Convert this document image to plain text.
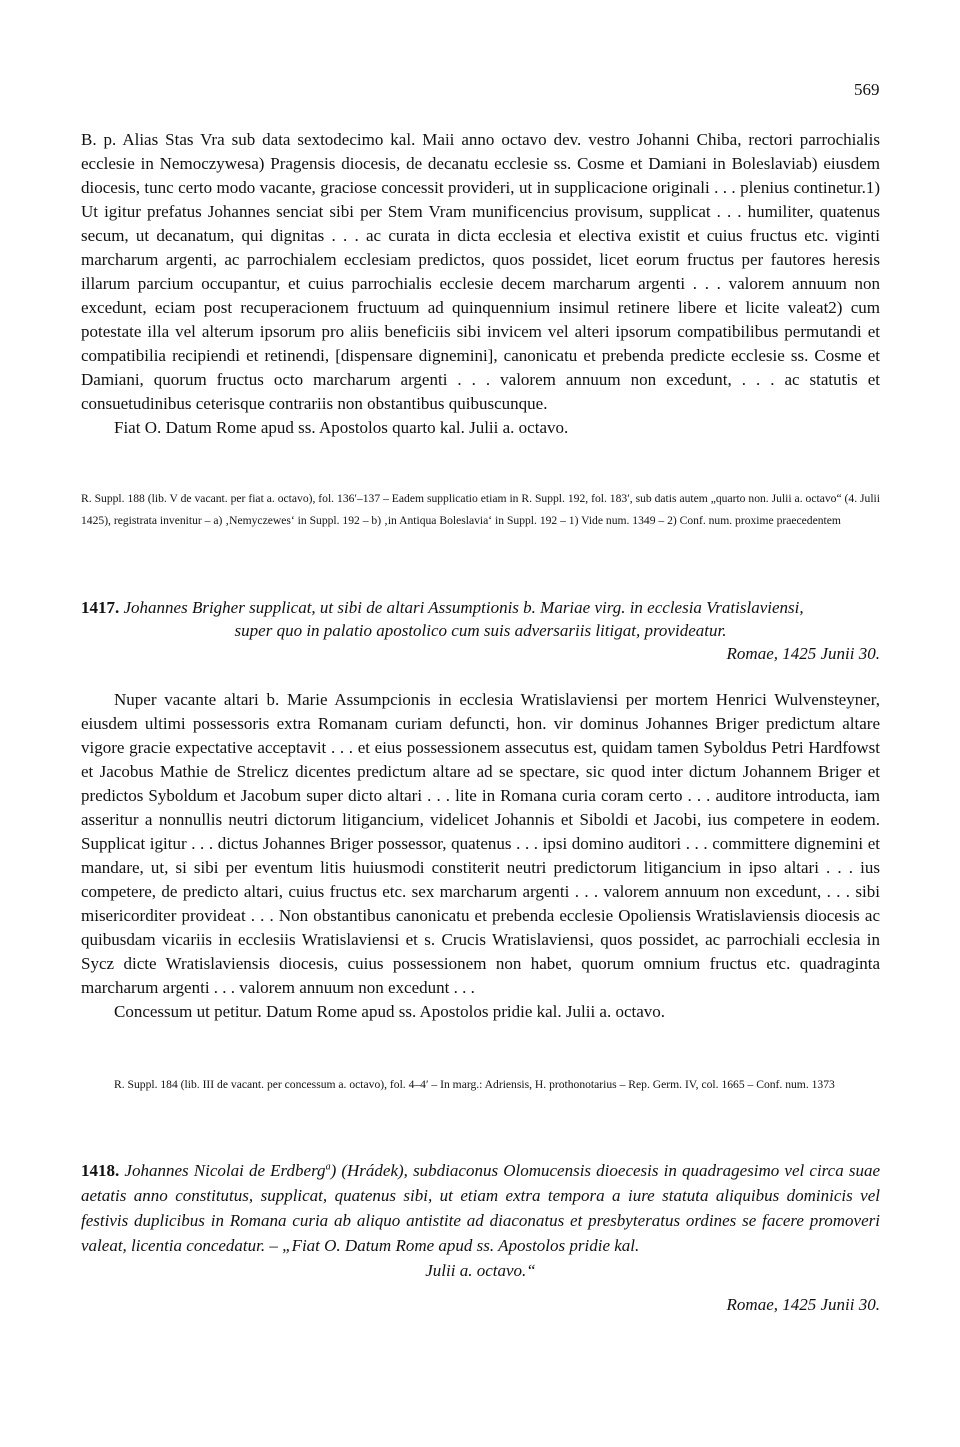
569

B. p. Alias Stas Vra sub data sextodecimo kal. Maii anno octavo dev. vestro Johanni Chiba, rectori parrochialis ecclesie in Nemoczywesa) Pragensis diocesis, de decanatu ecclesie ss. Cosme et Damiani in Boleslaviab) eiusdem diocesis, tunc certo modo vacante, graciose concessit provideri, ut in supplicacione originali . . . plenius continetur.1) Ut igitur prefatus Johannes senciat sibi per Stem Vram munificencius provisum, supplicat . . . humiliter, quatenus secum, ut decanatum, qui dignitas . . . ac curata in dicta ecclesia et electiva existit et cuius fructus etc. viginti marcharum argenti, ac parrochialem ecclesiam predictos, quos possidet, licet eorum fructus per fautores heresis illarum parcium occupantur, et cuius parrochialis ecclesie decem marcharum argenti . . . valorem annuum non excedunt, eciam post recuperacionem fructuum ad quinquennium insimul retinere libere et licite valeat2) cum potestate illa vel alterum ipsorum pro aliis beneficiis sibi invicem vel alteri ipsorum compatibilibus permutandi et compatibilia recipiendi et retinendi, [dispensare dignemini], canonicatu et prebenda predicte ecclesie ss. Cosme et Damiani, quorum fructus octo marcharum argenti . . . valorem annuum non excedunt, . . . ac statutis et consuetudinibus ceterisque contrariis non obstantibus quibuscunque.

Fiat O. Datum Rome apud ss. Apostolos quarto kal. Julii a. octavo.

R. Suppl. 188 (lib. V de vacant. per fiat a. octavo), fol. 136′–137 – Eadem supplicatio etiam in R. Suppl. 192, fol. 183′, sub datis autem „quarto non. Julii a. octavo“ (4. Julii 1425), registrata invenitur – a) ‚Nemyczewes‘ in Suppl. 192 – b) ‚in Antiqua Boleslavia‘ in Suppl. 192 – 1) Vide num. 1349 – 2) Conf. num. proxime praecedentem

1417. Johannes Brigher supplicat, ut sibi de altari Assumptionis b. Mariae virg. in ecclesia Vratislaviensi,

super quo in palatio apostolico cum suis adversariis litigat, provideatur.

Romae, 1425 Junii 30.

Nuper vacante altari b. Marie Assumpcionis in ecclesia Wratislaviensi per mortem Henrici Wulvensteyner, eiusdem ultimi possessoris extra Romanam curiam defuncti, hon. vir dominus Johannes Briger predictum altare vigore gracie expectative acceptavit . . . et eius possessionem assecutus est, quidam tamen Syboldus Petri Hardfowst et Jacobus Mathie de Strelicz dicentes predictum altare ad se spectare, sic quod inter dictum Johannem Briger et predictos Syboldum et Jacobum super dicto altari . . . lite in Romana curia coram certo . . . auditore introducta, iam asseritur a nonnullis neutri dictorum litigancium, videlicet Johannis et Siboldi et Jacobi, ius competere in eodem. Supplicat igitur . . . dictus Johannes Briger possessor, quatenus . . . ipsi domino auditori . . . committere dignemini et mandare, ut, si sibi per eventum litis huiusmodi constiterit neutri predictorum litigancium in ipso altari . . . ius competere, de predicto altari, cuius fructus etc. sex marcharum argenti . . . valorem annuum non excedunt, . . . sibi misericorditer provideat . . . Non obstantibus canonicatu et prebenda ecclesie Opoliensis Wratislaviensis diocesis ac quibusdam vicariis in ecclesiis Wratislaviensi et s. Crucis Wratislaviensi, quos possidet, ac parrochiali ecclesia in Sycz dicte Wratislaviensis diocesis, cuius possessionem non habet, quorum omnium fructus etc. quadraginta marcharum argenti . . . valorem annuum non excedunt . . .

Concessum ut petitur. Datum Rome apud ss. Apostolos pridie kal. Julii a. octavo.

R. Suppl. 184 (lib. III de vacant. per concessum a. octavo), fol. 4–4′ – In marg.: Adriensis, H. prothonotarius – Rep. Germ. IV, col. 1665 – Conf. num. 1373

1418. Johannes Nicolai de Erdberg$^a$) (Hrádek), subdiaconus Olomucensis dioecesis in quadragesimo vel circa suae aetatis anno constitutus, supplicat, quatenus sibi, ut etiam extra tempora a iure statuta aliquibus dominicis vel festivis duplicibus in Romana curia ab aliquo antistite ad diaconatus et presbyteratus ordines se facere promoveri valeat, licentia concedatur. – „Fiat O. Datum Rome apud ss. Apostolos pridie kal.

Julii a. octavo.“

Romae, 1425 Junii 30.
